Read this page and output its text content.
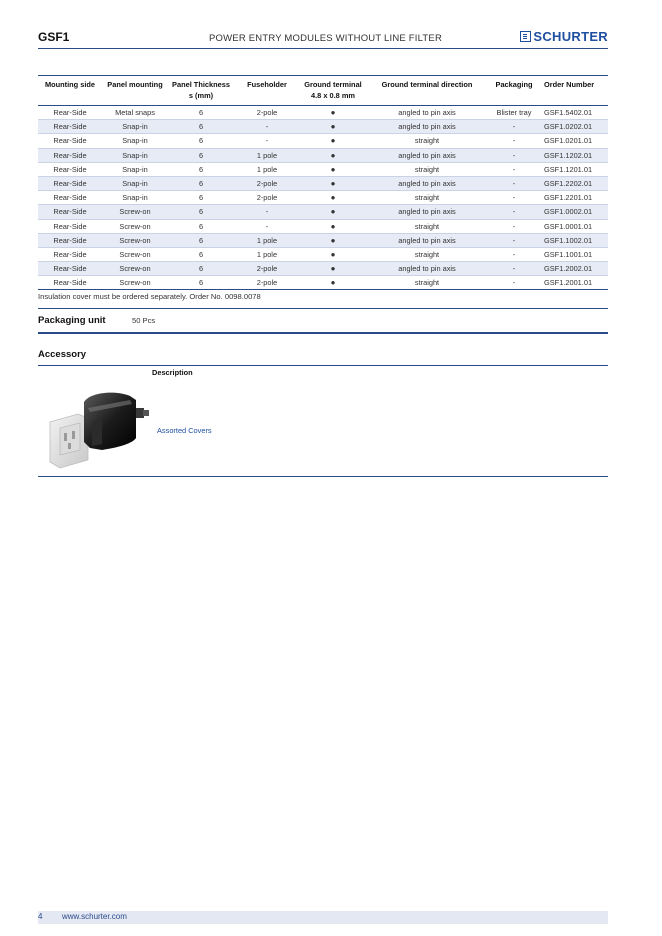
GSF1	POWER ENTRY MODULES WITHOUT LINE FILTER	SCHURTER
Mounting side	Panel mounting	Panel Thickness s (mm)	Fuseholder	Ground terminal 4.8 x 0.8 mm	Ground terminal direction	Packaging	Order Number
Rear-Side	Metal snaps	6	2-pole	●	angled to pin axis	Blister tray	GSF1.5402.01
Rear-Side	Snap-in	6	-	●	angled to pin axis	-	GSF1.0202.01
Rear-Side	Snap-in	6	-	●	straight	-	GSF1.0201.01
Rear-Side	Snap-in	6	1 pole	●	angled to pin axis	-	GSF1.1202.01
Rear-Side	Snap-in	6	1 pole	●	straight	-	GSF1.1201.01
Rear-Side	Snap-in	6	2-pole	●	angled to pin axis	-	GSF1.2202.01
Rear-Side	Snap-in	6	2-pole	●	straight	-	GSF1.2201.01
Rear-Side	Screw-on	6	-	●	angled to pin axis	-	GSF1.0002.01
Rear-Side	Screw-on	6	-	●	straight	-	GSF1.0001.01
Rear-Side	Screw-on	6	1 pole	●	angled to pin axis	-	GSF1.1002.01
Rear-Side	Screw-on	6	1 pole	●	straight	-	GSF1.1001.01
Rear-Side	Screw-on	6	2-pole	●	angled to pin axis	-	GSF1.2002.01
Rear-Side	Screw-on	6	2-pole	●	straight	-	GSF1.2001.01
Insulation cover must be ordered separately. Order No. 0098.0078
Packaging unit	50 Pcs
Accessory
Description
Assorted Covers
4 www.schurter.com
